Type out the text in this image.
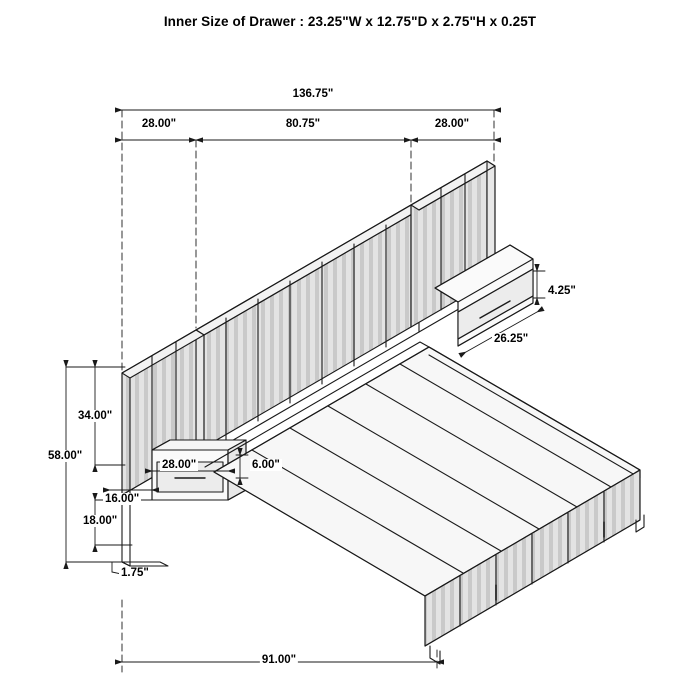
Inner Size of Drawer : 23.25"W x 12.75"D x 2.75"H x 0.25T
136.75"
28.00"	80.75"	28.00"
4.25"
26.25"
34.00"
58.00"
28.00"	6.00"
16.00"
18.00"
1.75"
91.00"
